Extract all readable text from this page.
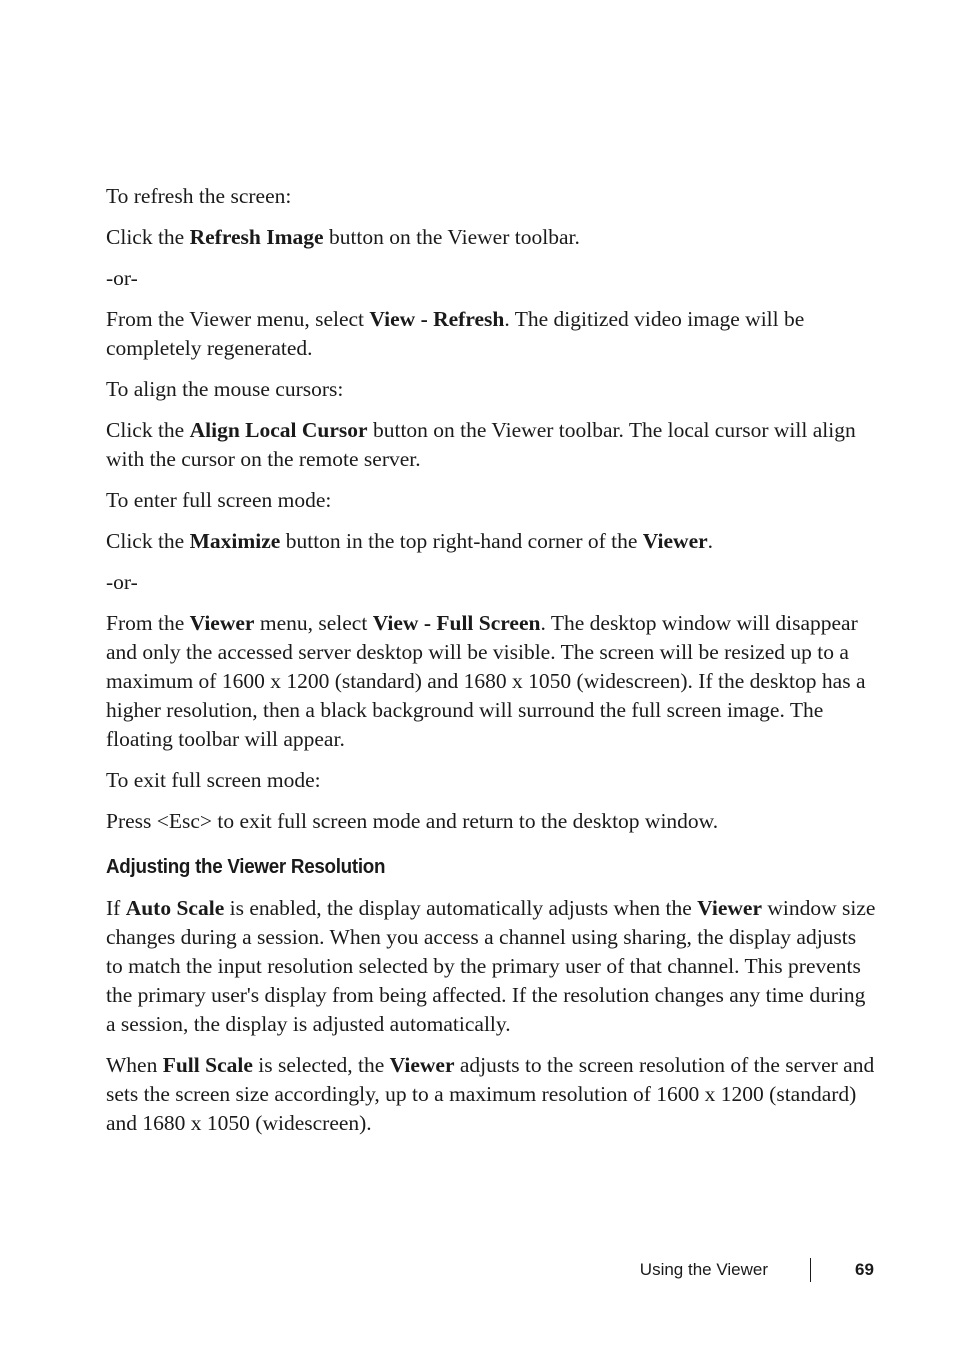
To refresh the screen:

Click the Refresh Image button on the Viewer toolbar.

-or-

From the Viewer menu, select View - Refresh. The digitized video image will be completely regenerated.

To align the mouse cursors:

Click the Align Local Cursor button on the Viewer toolbar. The local cursor will align with the cursor on the remote server.

To enter full screen mode:

Click the Maximize button in the top right-hand corner of the Viewer.

-or-

From the Viewer menu, select View - Full Screen. The desktop window will disappear and only the accessed server desktop will be visible. The screen will be resized up to a maximum of 1600 x 1200 (standard) and 1680 x 1050 (widescreen). If the desktop has a higher resolution, then a black background will surround the full screen image. The floating toolbar will appear.

To exit full screen mode:

Press <Esc> to exit full screen mode and return to the desktop window.

Adjusting the Viewer Resolution

If Auto Scale is enabled, the display automatically adjusts when the Viewer window size changes during a session. When you access a channel using sharing, the display adjusts to match the input resolution selected by the primary user of that channel. This prevents the primary user's display from being affected. If the resolution changes any time during a session, the display is adjusted automatically.

When Full Scale is selected, the Viewer adjusts to the screen resolution of the server and sets the screen size accordingly, up to a maximum resolution of 1600 x 1200 (standard) and 1680 x 1050 (widescreen).

Using the Viewer	69
